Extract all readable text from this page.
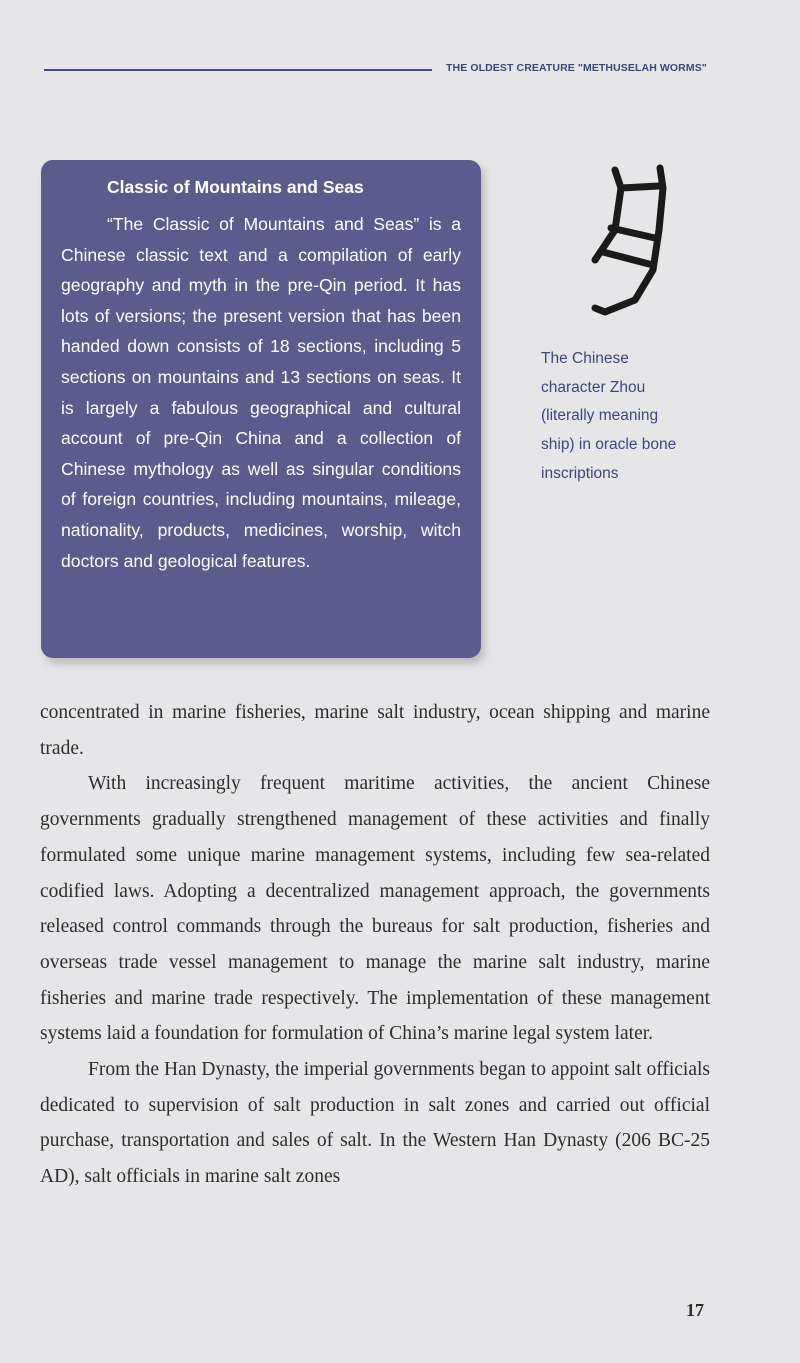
THE OLDEST CREATURE "METHUSELAH WORMS"
Classic of Mountains and Seas

“The Classic of Mountains and Seas” is a Chinese classic text and a compilation of early geography and myth in the pre-Qin period. It has lots of versions; the present version that has been handed down consists of 18 sections, including 5 sections on mountains and 13 sections on seas. It is largely a fabulous geographical and cultural account of pre-Qin China and a collection of Chinese mythology as well as singular conditions of foreign countries, including mountains, mileage, nationality, products, medicines, worship, witch doctors and geological features.

The Chinese
character Zhou
(literally meaning
ship) in oracle bone
inscriptions

concentrated in marine fisheries, marine salt industry, ocean shipping and marine trade.

With increasingly frequent maritime activities, the ancient Chinese governments gradually strengthened management of these activities and finally formulated some unique marine management systems, including few sea-related codified laws. Adopting a decentralized management approach, the governments released control commands through the bureaus for salt production, fisheries and overseas trade vessel management to manage the marine salt industry, marine fisheries and marine trade respectively. The implementation of these management systems laid a foundation for formulation of China’s marine legal system later.

From the Han Dynasty, the imperial governments began to appoint salt officials dedicated to supervision of salt production in salt zones and carried out official purchase, transportation and sales of salt. In the Western Han Dynasty (206 BC-25 AD), salt officials in marine salt zones

17
